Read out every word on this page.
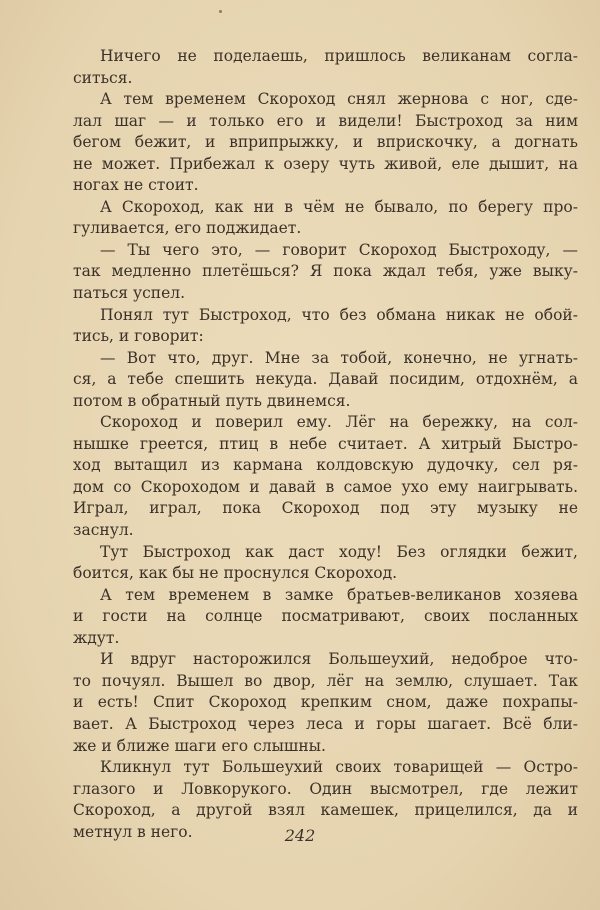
Ничего не поделаешь, пришлось великанам согла-
ситься.
А тем временем Скороход снял жернова с ног, сде-
лал шаг — и только его и видели! Быстроход за ним
бегом бежит, и вприпрыжку, и вприскочку, а догнать
не может. Прибежал к озеру чуть живой, еле дышит, на
ногах не стоит.
А Скороход, как ни в чём не бывало, по берегу про-
гуливается, его поджидает.
— Ты чего это, — говорит Скороход Быстроходу, —
так медленно плетёшься? Я пока ждал тебя, уже выку-
паться успел.
Понял тут Быстроход, что без обмана никак не обой-
тись, и говорит:
— Вот что, друг. Мне за тобой, конечно, не угнать-
ся, а тебе спешить некуда. Давай посидим, отдохнём, а
потом в обратный путь двинемся.
Скороход и поверил ему. Лёг на бережку, на сол-
нышке греется, птиц в небе считает. А хитрый Быстро-
ход вытащил из кармана колдовскую дудочку, сел ря-
дом со Скороходом и давай в самое ухо ему наигрывать.
Играл, играл, пока Скороход под эту музыку не
заснул.
Тут Быстроход как даст ходу! Без оглядки бежит,
боится, как бы не проснулся Скороход.
А тем временем в замке братьев-великанов хозяева
и гости на солнце посматривают, своих посланных
ждут.
И вдруг насторожился Большеухий, недоброе что-
то почуял. Вышел во двор, лёг на землю, слушает. Так
и есть! Спит Скороход крепким сном, даже похрапы-
вает. А Быстроход через леса и горы шагает. Всё бли-
же и ближе шаги его слышны.
Кликнул тут Большеухий своих товарищей — Остро-
глазого и Ловкорукого. Один высмотрел, где лежит
Скороход, а другой взял камешек, прицелился, да и
метнул в него.	242
